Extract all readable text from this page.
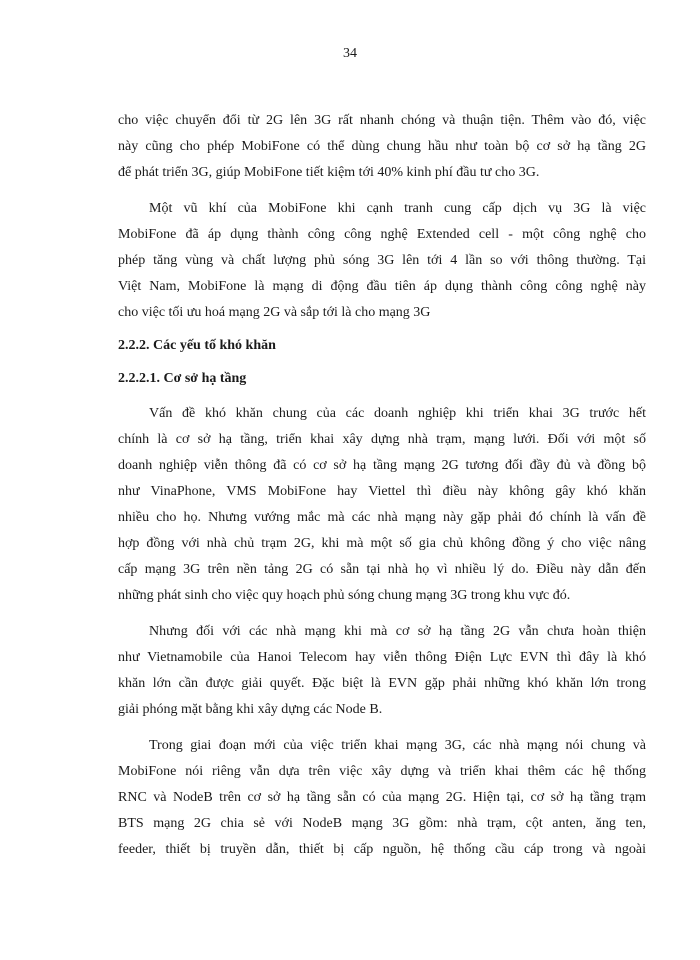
34
cho việc chuyển đổi từ 2G lên 3G rất nhanh chóng và thuận tiện. Thêm vào đó, việc
này cũng cho phép MobiFone có thể dùng chung hầu như toàn bộ cơ sở hạ tầng 2G
để phát triển 3G, giúp MobiFone tiết kiệm tới 40% kinh phí đầu tư cho 3G.
Một vũ khí của MobiFone khi cạnh tranh cung cấp dịch vụ 3G là việc
MobiFone đã áp dụng thành công công nghệ Extended cell - một công nghệ cho
phép tăng vùng và chất lượng phủ sóng 3G lên tới 4 lần so với thông thường. Tại
Việt Nam, MobiFone là mạng di động đầu tiên áp dụng thành công công nghệ này
cho việc tối ưu hoá mạng 2G và sắp tới là cho mạng 3G
2.2.2. Các yếu tố khó khăn
2.2.2.1. Cơ sở hạ tầng
Vấn đề khó khăn chung của các doanh nghiệp khi triển khai 3G trước hết
chính là cơ sở hạ tầng, triển khai xây dựng nhà trạm, mạng lưới. Đối với một số
doanh nghiệp viễn thông đã có cơ sở hạ tầng mạng 2G tương đối đầy đủ và đồng bộ
như VinaPhone, VMS MobiFone hay Viettel thì điều này không gây khó khăn
nhiều cho họ. Nhưng vướng mắc mà các nhà mạng này gặp phải đó chính là vấn đề
hợp đồng với nhà chủ trạm 2G, khi mà một số gia chủ không đồng ý cho việc nâng
cấp mạng 3G trên nền tảng 2G có sẵn tại nhà họ vì nhiều lý do. Điều này dẫn đến
những phát sinh cho việc quy hoạch phủ sóng chung mạng 3G trong khu vực đó.
Nhưng đối với các nhà mạng khi mà cơ sở hạ tầng 2G vẫn chưa hoàn thiện
như Vietnamobile của Hanoi Telecom hay viễn thông Điện Lực EVN thì đây là khó
khăn lớn cần được giải quyết. Đặc biệt là EVN gặp phải những khó khăn lớn trong
giải phóng mặt bằng khi xây dựng các Node B.
Trong giai đoạn mới của việc triển khai mạng 3G, các nhà mạng nói chung và
MobiFone nói riêng vẫn dựa trên việc xây dựng và triển khai thêm các hệ thống
RNC và NodeB trên cơ sở hạ tầng sẵn có của mạng 2G. Hiện tại, cơ sở hạ tầng trạm
BTS mạng 2G chia sẻ với NodeB mạng 3G gồm: nhà trạm, cột anten, ăng ten,
feeder, thiết bị truyền dẫn, thiết bị cấp nguồn, hệ thống cầu cáp trong và ngoài
